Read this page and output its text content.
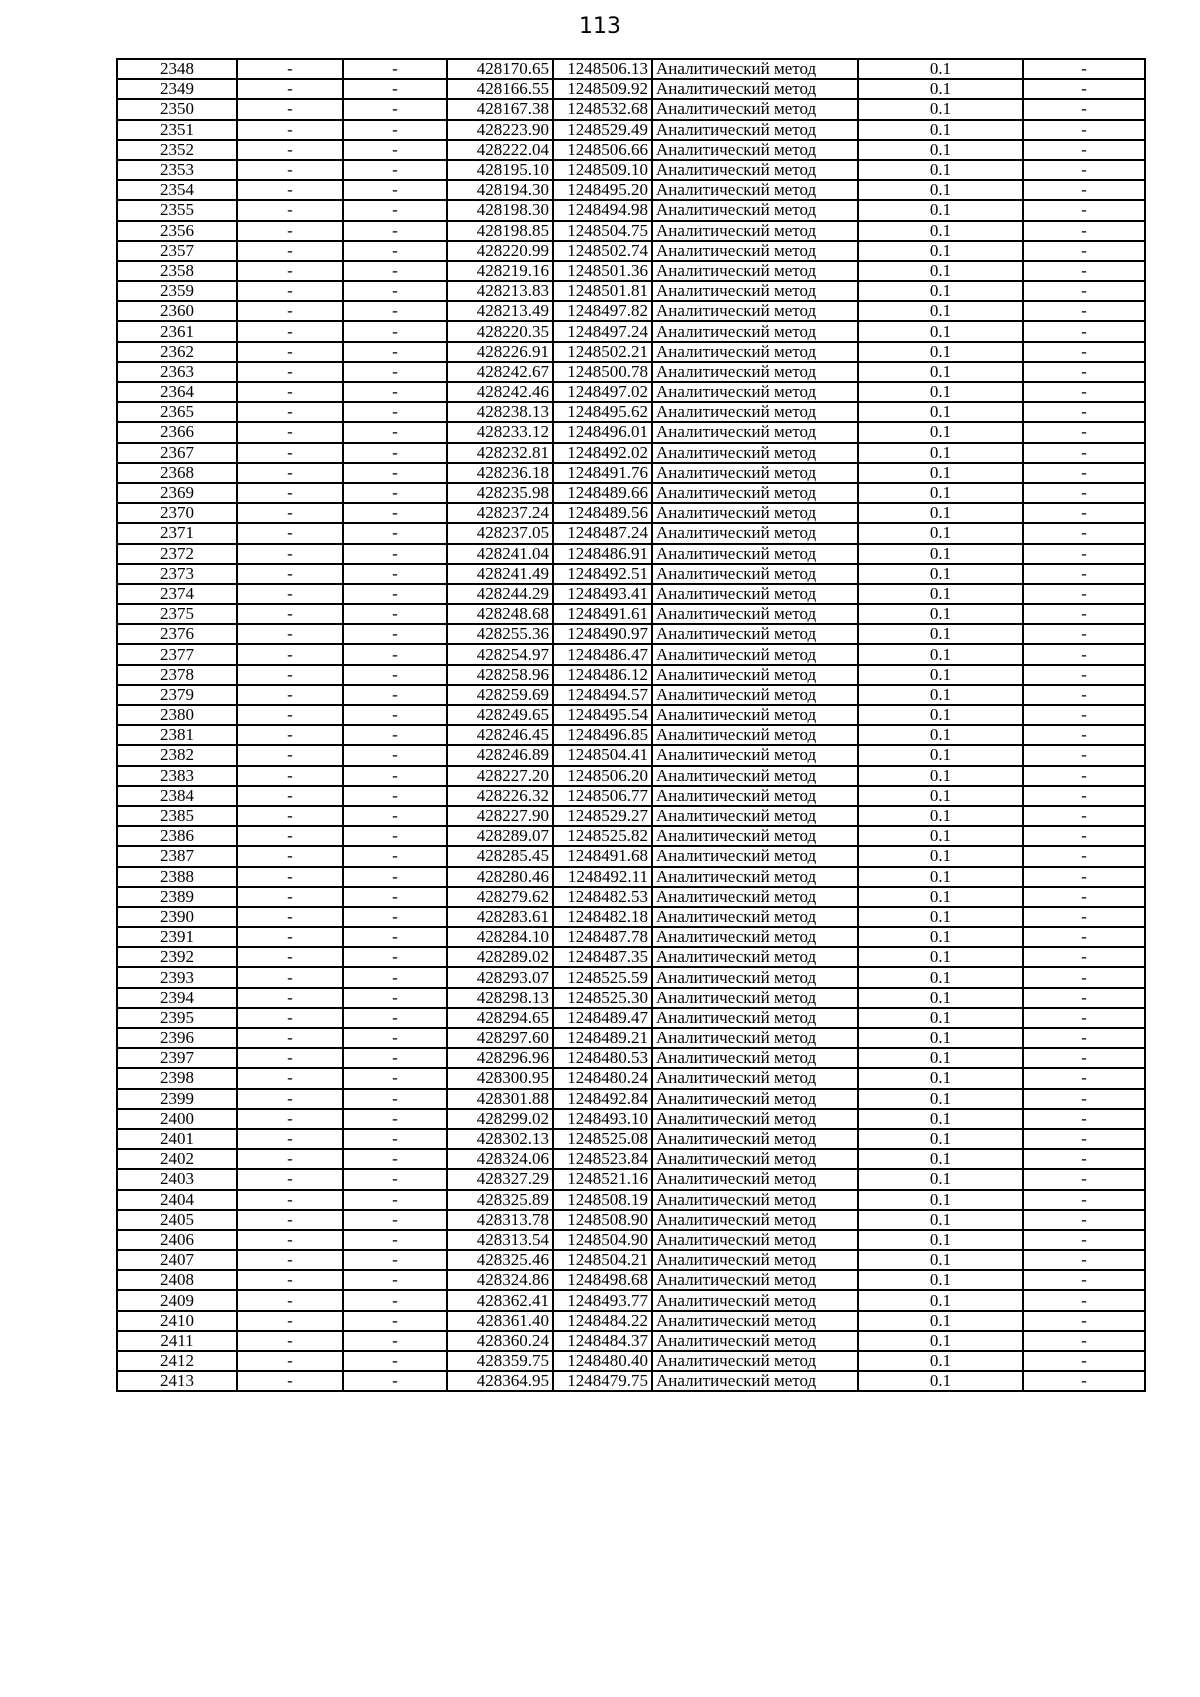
113
2348	-	-	428170.65	1248506.13	Аналитический метод	0.1	-
2349	-	-	428166.55	1248509.92	Аналитический метод	0.1	-
2350	-	-	428167.38	1248532.68	Аналитический метод	0.1	-
2351	-	-	428223.90	1248529.49	Аналитический метод	0.1	-
2352	-	-	428222.04	1248506.66	Аналитический метод	0.1	-
2353	-	-	428195.10	1248509.10	Аналитический метод	0.1	-
2354	-	-	428194.30	1248495.20	Аналитический метод	0.1	-
2355	-	-	428198.30	1248494.98	Аналитический метод	0.1	-
2356	-	-	428198.85	1248504.75	Аналитический метод	0.1	-
2357	-	-	428220.99	1248502.74	Аналитический метод	0.1	-
2358	-	-	428219.16	1248501.36	Аналитический метод	0.1	-
2359	-	-	428213.83	1248501.81	Аналитический метод	0.1	-
2360	-	-	428213.49	1248497.82	Аналитический метод	0.1	-
2361	-	-	428220.35	1248497.24	Аналитический метод	0.1	-
2362	-	-	428226.91	1248502.21	Аналитический метод	0.1	-
2363	-	-	428242.67	1248500.78	Аналитический метод	0.1	-
2364	-	-	428242.46	1248497.02	Аналитический метод	0.1	-
2365	-	-	428238.13	1248495.62	Аналитический метод	0.1	-
2366	-	-	428233.12	1248496.01	Аналитический метод	0.1	-
2367	-	-	428232.81	1248492.02	Аналитический метод	0.1	-
2368	-	-	428236.18	1248491.76	Аналитический метод	0.1	-
2369	-	-	428235.98	1248489.66	Аналитический метод	0.1	-
2370	-	-	428237.24	1248489.56	Аналитический метод	0.1	-
2371	-	-	428237.05	1248487.24	Аналитический метод	0.1	-
2372	-	-	428241.04	1248486.91	Аналитический метод	0.1	-
2373	-	-	428241.49	1248492.51	Аналитический метод	0.1	-
2374	-	-	428244.29	1248493.41	Аналитический метод	0.1	-
2375	-	-	428248.68	1248491.61	Аналитический метод	0.1	-
2376	-	-	428255.36	1248490.97	Аналитический метод	0.1	-
2377	-	-	428254.97	1248486.47	Аналитический метод	0.1	-
2378	-	-	428258.96	1248486.12	Аналитический метод	0.1	-
2379	-	-	428259.69	1248494.57	Аналитический метод	0.1	-
2380	-	-	428249.65	1248495.54	Аналитический метод	0.1	-
2381	-	-	428246.45	1248496.85	Аналитический метод	0.1	-
2382	-	-	428246.89	1248504.41	Аналитический метод	0.1	-
2383	-	-	428227.20	1248506.20	Аналитический метод	0.1	-
2384	-	-	428226.32	1248506.77	Аналитический метод	0.1	-
2385	-	-	428227.90	1248529.27	Аналитический метод	0.1	-
2386	-	-	428289.07	1248525.82	Аналитический метод	0.1	-
2387	-	-	428285.45	1248491.68	Аналитический метод	0.1	-
2388	-	-	428280.46	1248492.11	Аналитический метод	0.1	-
2389	-	-	428279.62	1248482.53	Аналитический метод	0.1	-
2390	-	-	428283.61	1248482.18	Аналитический метод	0.1	-
2391	-	-	428284.10	1248487.78	Аналитический метод	0.1	-
2392	-	-	428289.02	1248487.35	Аналитический метод	0.1	-
2393	-	-	428293.07	1248525.59	Аналитический метод	0.1	-
2394	-	-	428298.13	1248525.30	Аналитический метод	0.1	-
2395	-	-	428294.65	1248489.47	Аналитический метод	0.1	-
2396	-	-	428297.60	1248489.21	Аналитический метод	0.1	-
2397	-	-	428296.96	1248480.53	Аналитический метод	0.1	-
2398	-	-	428300.95	1248480.24	Аналитический метод	0.1	-
2399	-	-	428301.88	1248492.84	Аналитический метод	0.1	-
2400	-	-	428299.02	1248493.10	Аналитический метод	0.1	-
2401	-	-	428302.13	1248525.08	Аналитический метод	0.1	-
2402	-	-	428324.06	1248523.84	Аналитический метод	0.1	-
2403	-	-	428327.29	1248521.16	Аналитический метод	0.1	-
2404	-	-	428325.89	1248508.19	Аналитический метод	0.1	-
2405	-	-	428313.78	1248508.90	Аналитический метод	0.1	-
2406	-	-	428313.54	1248504.90	Аналитический метод	0.1	-
2407	-	-	428325.46	1248504.21	Аналитический метод	0.1	-
2408	-	-	428324.86	1248498.68	Аналитический метод	0.1	-
2409	-	-	428362.41	1248493.77	Аналитический метод	0.1	-
2410	-	-	428361.40	1248484.22	Аналитический метод	0.1	-
2411	-	-	428360.24	1248484.37	Аналитический метод	0.1	-
2412	-	-	428359.75	1248480.40	Аналитический метод	0.1	-
2413	-	-	428364.95	1248479.75	Аналитический метод	0.1	-
